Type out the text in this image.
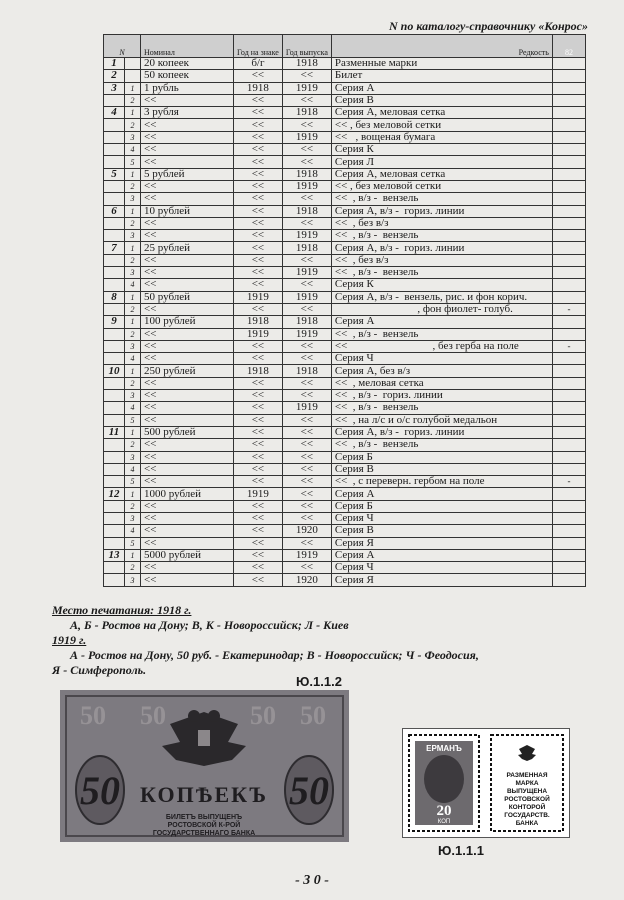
N по каталогу-справочнику «Конрос»
N		Номинал	Год на знаке	Год выпуска	Редкость	82
1		20 копеек	б/г	1918	Разменные марки	
2		50 копеек	<<	<<	Билет	
3	1	1 рубль	1918	1919	Серия А	
	2	<<	<<	<<	Серия В	
4	1	3 рубля	<<	1918	Серия А, меловая сетка	
	2	<<	<<	<<	<< , без меловой сетки	
	3	<<	<<	1919	<<   , вощеная бумага	
	4	<<	<<	<<	Серия К	
	5	<<	<<	<<	Серия Л	
5	1	5 рублей	<<	1918	Серия А, меловая сетка	
	2	<<	<<	1919	<< , без меловой сетки	
	3	<<	<<	<<	<<  , в/з -  вензель	
6	1	10 рублей	<<	1918	Серия А, в/з -  гориз. линии	
	2	<<	<<	<<	<<  , без в/з	
	3	<<	<<	1919	<<  , в/з -  вензель	
7	1	25 рублей	<<	1918	Серия А, в/з -  гориз. линии	
	2	<<	<<	<<	<<  , без в/з	
	3	<<	<<	1919	<<  , в/з -  вензель	
	4	<<	<<	<<	Серия К	
8	1	50 рублей	1919	1919	Серия А, в/з -  вензель, рис. и фон корич.	
	2	<<	<<	<<	, фон фиолет- голуб.	-
9	1	100 рублей	1918	1918	Серия А	
	2	<<	1919	1919	<<  , в/з -  вензель	
	3	<<	<<	<<	<<                               , без герба на поле	-
	4	<<	<<	<<	Серия Ч	
10	1	250 рублей	1918	1918	Серия А, без в/з	
	2	<<	<<	<<	<<  , меловая сетка	
	3	<<	<<	<<	<<  , в/з -  гориз. линии	
	4	<<	<<	1919	<<  , в/з -  вензель	
	5	<<	<<	<<	<<  , на л/с и о/с голубой медальон	
11	1	500 рублей	<<	<<	Серия А, в/з -  гориз. линии	
	2	<<	<<	<<	<<  , в/з -  вензель	
	3	<<	<<	<<	Серия Б	
	4	<<	<<	<<	Серия В	
	5	<<	<<	<<	<<  , с переверн. гербом на поле	-
12	1	1000 рублей	1919	<<	Серия А	
	2	<<	<<	<<	Серия Б	
	3	<<	<<	<<	Серия Ч	
	4	<<	<<	1920	Серия В	
	5	<<	<<	<<	Серия Я	
13	1	5000 рублей	<<	1919	Серия А	
	2	<<	<<	<<	Серия Ч	
	3	<<	<<	1920	Серия Я	
Место печатания: 1918 г.
А, Б - Ростов на Дону; В, К - Новороссийск; Л - Киев
1919 г.
А - Ростов на Дону, 50 руб. - Екатеринодар; В - Новороссийск; Ч - Феодосия,
Я - Симферополь.
Ю.1.1.2
50 50	50 50
50	50
КОПѢЕКЪ
БИЛЕТЪ ВЫПУЩЕНЪ
РОСТОВСКОЙ К-РОЙ
ГОСУДАРСТВЕННАГО БАНКА
ЕРМАНЪ
20
КОП
РАЗМЕННАЯ
МАРКА
ВЫПУЩЕНА
РОСТОВСКОЙ
КОНТОРОЙ
ГОСУДАРСТВ.
БАНКА
Ю.1.1.1
- 3 0 -
